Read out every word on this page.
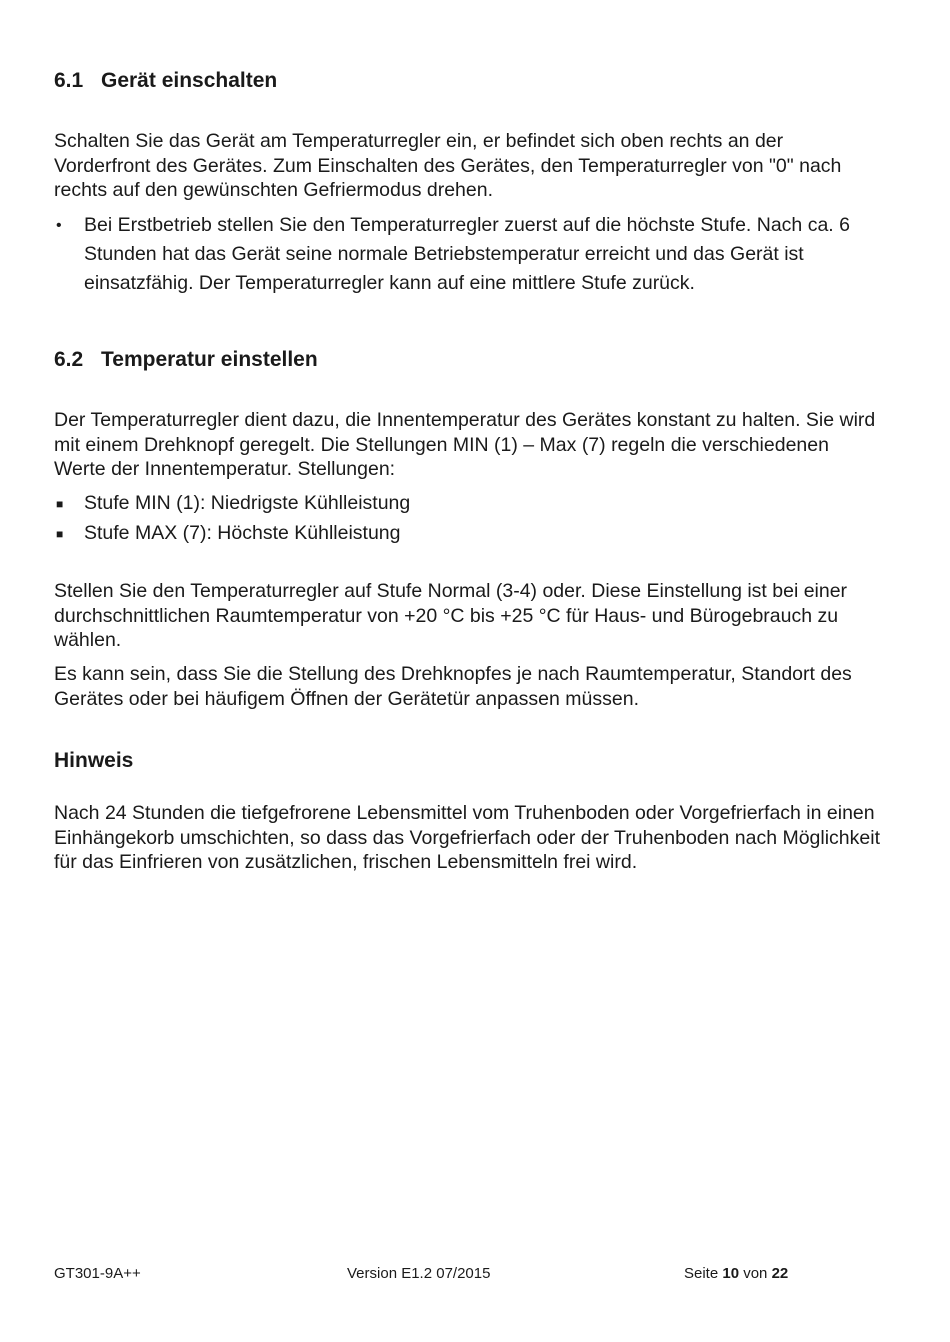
6.1 Gerät einschalten

Schalten Sie das Gerät am Temperaturregler ein, er befindet sich oben rechts an der Vorderfront des Gerätes. Zum Einschalten des Gerätes, den Temperaturregler von "0" nach rechts auf den gewünschten Gefriermodus drehen.

•	Bei Erstbetrieb stellen Sie den Temperaturregler zuerst auf die höchste Stufe. Nach ca. 6 Stunden hat das Gerät seine normale Betriebstemperatur erreicht und das Gerät ist einsatzfähig. Der Temperaturregler kann auf eine mittlere Stufe zurück.
6.2 Temperatur einstellen

Der Temperaturregler dient dazu, die Innentemperatur des Gerätes konstant zu halten. Sie wird mit einem Drehknopf geregelt. Die Stellungen MIN (1) – Max (7) regeln die verschiedenen Werte der Innentemperatur. Stellungen:

■	Stufe MIN (1): Niedrigste Kühlleistung
■	Stufe MAX (7): Höchste Kühlleistung

Stellen Sie den Temperaturregler auf Stufe Normal (3-4) oder. Diese Einstellung ist bei einer durchschnittlichen Raumtemperatur von +20 °C bis +25 °C für Haus- und Bürogebrauch zu wählen.

Es kann sein, dass Sie die Stellung des Drehknopfes je nach Raumtemperatur, Standort des Gerätes oder bei häufigem Öffnen der Gerätetür anpassen müssen.

Hinweis

Nach 24 Stunden die tiefgefrorene Lebensmittel vom Truhenboden oder Vorgefrierfach in einen Einhängekorb umschichten, so dass das Vorgefrierfach oder der Truhenboden nach Möglichkeit für das Einfrieren von zusätzlichen, frischen Lebensmitteln frei wird.

GT301-9A++	Version E1.2 07/2015	Seite 10 von 22
